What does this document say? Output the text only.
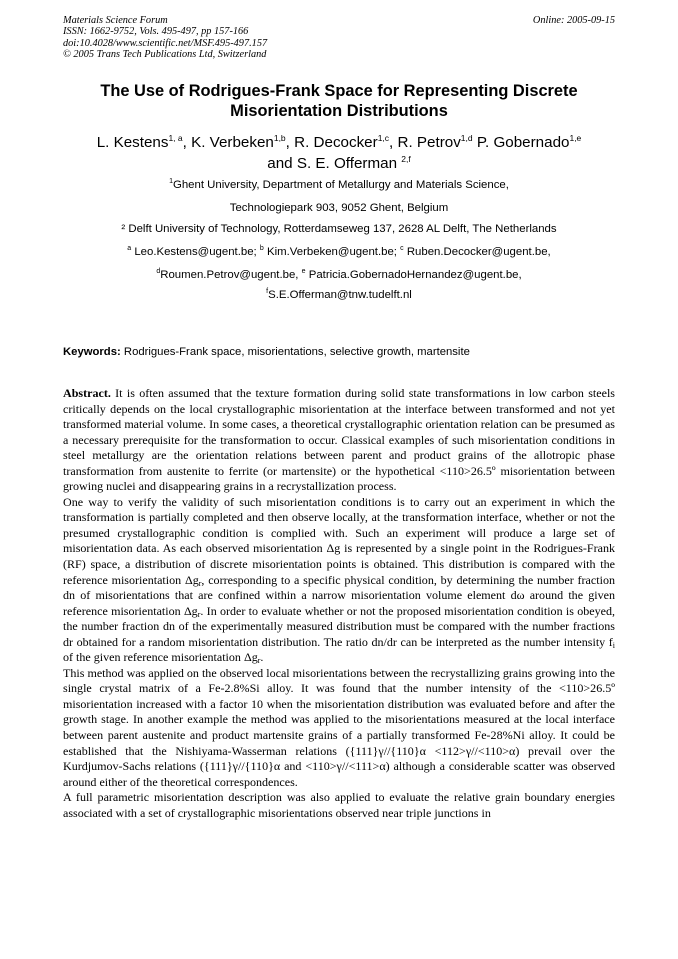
Materials Science Forum
ISSN: 1662-9752, Vols. 495-497, pp 157-166
doi:10.4028/www.scientific.net/MSF.495-497.157
© 2005 Trans Tech Publications Ltd, Switzerland
Online: 2005-09-15
The Use of Rodrigues-Frank Space for Representing Discrete
Misorientation Distributions
L. Kestens$^{1, a}$, K. Verbeken$^{1,b}$, R. Decocker$^{1,c}$, R. Petrov$^{1,d}$ P. Gobernado$^{1,e}$
and S. E. Offerman $^{2,f}$
$^1$Ghent University, Department of Metallurgy and Materials Science,
Technologiepark 903, 9052 Ghent, Belgium
² Delft University of Technology, Rotterdamseweg 137, 2628 AL Delft, The Netherlands
$^a$ Leo.Kestens@ugent.be; $^b$ Kim.Verbeken@ugent.be; $^c$ Ruben.Decocker@ugent.be,
$^d$Roumen.Petrov@ugent.be, $^e$ Patricia.GobernadoHernandez@ugent.be,
$^f$S.E.Offerman@tnw.tudelft.nl
Keywords: Rodrigues-Frank space, misorientations, selective growth, martensite

Abstract. It is often assumed that the texture formation during solid state transformations in low carbon steels critically depends on the local crystallographic misorientation at the interface between transformed and not yet transformed material volume. In some cases, a theoretical crystallographic orientation relation can be presumed as a necessary prerequisite for the transformation to occur. Classical examples of such misorientation conditions in steel metallurgy are the orientation relations between parent and product grains of the allotropic phase transformation from austenite to ferrite (or martensite) or the hypothetical <110>26.5º misorientation between growing nuclei and disappearing grains in a recrystallization process.

One way to verify the validity of such misorientation conditions is to carry out an experiment in which the transformation is partially completed and then observe locally, at the transformation interface, whether or not the presumed crystallographic condition is complied with. Such an experiment will produce a large set of misorientation data. As each observed misorientation Δg is represented by a single point in the Rodrigues-Frank (RF) space, a distribution of discrete misorientation points is obtained. This distribution is compared with the reference misorientation $\Delta g_r$, corresponding to a specific physical condition, by determining the number fraction dn of misorientations that are confined within a narrow misorientation volume element dω around the given reference misorientation $\Delta g_r$. In order to evaluate whether or not the proposed misorientation condition is obeyed, the number fraction dn of the experimentally measured distribution must be compared with the number fractions dr obtained for a random misorientation distribution. The ratio dn/dr can be interpreted as the number intensity $f_i$ of the given reference misorientation $\Delta g_r$.

This method was applied on the observed local misorientations between the recrystallizing grains growing into the single crystal matrix of a Fe-2.8%Si alloy. It was found that the number intensity of the <110>26.5º misorientation increased with a factor 10 when the misorientation distribution was evaluated before and after the growth stage. In another example the method was applied to the misorientations measured at the local interface between parent austenite and product martensite grains of a partially transformed Fe-28%Ni alloy. It could be established that the Nishiyama-Wasserman relations ({111}γ//{110}α <112>γ//<110>α) prevail over the Kurdjumov-Sachs relations ({111}γ//{110}α and <110>γ//<111>α) although a considerable scatter was observed around either of the theoretical correspondences.

A full parametric misorientation description was also applied to evaluate the relative grain boundary energies associated with a set of crystallographic misorientations observed near triple junctions in
